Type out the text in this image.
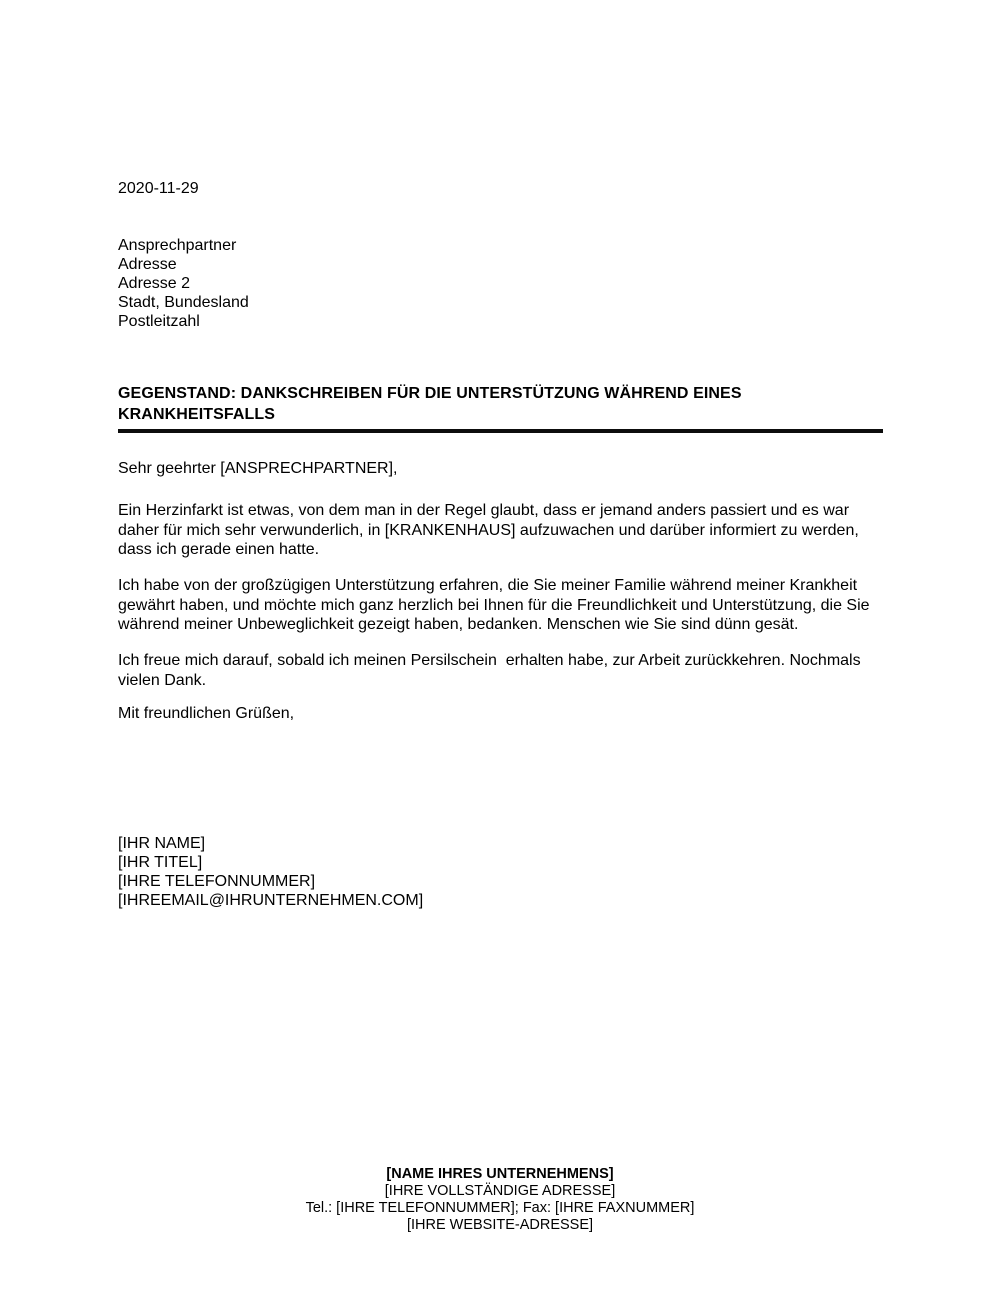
2020-11-29
Ansprechpartner
Adresse
Adresse 2
Stadt, Bundesland
Postleitzahl
GEGENSTAND: DANKSCHREIBEN FÜR DIE UNTERSTÜTZUNG WÄHREND EINES KRANKHEITSFALLS
Sehr geehrter [ANSPRECHPARTNER],
Ein Herzinfarkt ist etwas, von dem man in der Regel glaubt, dass er jemand anders passiert und es war daher für mich sehr verwunderlich, in [KRANKENHAUS] aufzuwachen und darüber informiert zu werden, dass ich gerade einen hatte.
Ich habe von der großzügigen Unterstützung erfahren, die Sie meiner Familie während meiner Krankheit gewährt haben, und möchte mich ganz herzlich bei Ihnen für die Freundlichkeit und Unterstützung, die Sie während meiner Unbeweglichkeit gezeigt haben, bedanken. Menschen wie Sie sind dünn gesät.
Ich freue mich darauf, sobald ich meinen Persilschein  erhalten habe, zur Arbeit zurückkehren. Nochmals vielen Dank.
Mit freundlichen Grüßen,
[IHR NAME]
[IHR TITEL]
[IHRE TELEFONNUMMER]
[IHREEMAIL@IHRUNTERNEHMEN.COM]
[NAME IHRES UNTERNEHMENS]
[IHRE VOLLSTÄNDIGE ADRESSE]
Tel.: [IHRE TELEFONNUMMER]; Fax: [IHRE FAXNUMMER]
[IHRE WEBSITE-ADRESSE]
